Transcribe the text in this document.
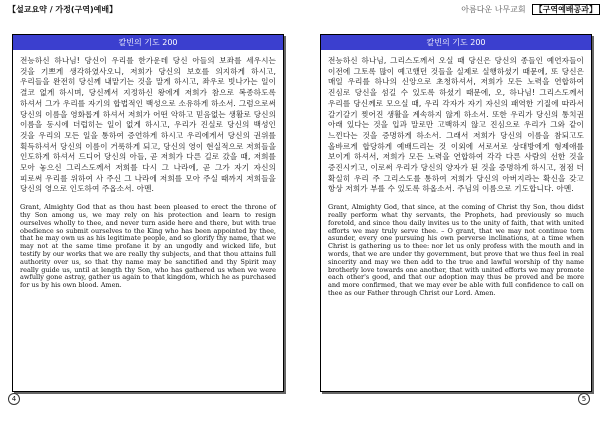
【설교요약 / 가정(구역)예배】
칼빈의 기도 200
전능하신 하나님! 당신이 우리를 한가운데 당신 아들의 보좌를 세우시는 것을 기쁘게 생각하였사오니, 저희가 당신의 보호를 의지하게 하시고, 우리들을 완전히 당신께 내맡기는 것을 말게 하시고, 좌우로 빗나가는 일이 결코 없게 하시며, 당신께서 지정하신 왕에게 저희가 참으로 복종하도록 하셔서 그가 우리를 자기의 합법적인 백성으로 소유하게 하소서. 그럼으로써 당신의 이름을 영화롭게 하셔서 저희가 어떤 악하고 믿음없는 생활로 당신의 이름을 동시에 더럽히는 일이 없게 하시고, 우리가 진실로 당신의 백성인 것을 우리의 모든 일을 통하여 증언하게 하시고 우리에게서 당신의 권위를 획득하셔서 당신의 이름이 거룩하게 되고, 당신의 영이 현실적으로 저희들을 인도하게 하셔서 드디어 당신의 아들, 곧 저희가 다른 길로 갔을 때, 저희를 모아 놓으신 그리스도께서 저희를 다시 그 나라에, 곧 그가 자기 자신의 피로써 우리를 위하여 사 주신 그 나라에 저희를 모아 주실 때까지 저희들을 당신의 영으로 인도하여 주옵소서. 아멘.
Grant, Almighty God that as thou hast been pleased to erect the throne of thy Son among us, we may rely on his protection and learn to resign ourselves wholly to thee, and never turn aside here and there, but with true obedience so submit ourselves to the King who has been appointed by thee, that he may own us as his legitimate people, and so glorify thy name, that we may not at the same time profane it by an ungodly and wicked life, but testify by our works that we are really thy subjects, and that thou attains full authority over us, so that thy name may be sanctified and thy Spirit may really guide us, until at length thy Son, who has gathered us when we were awfully gone astray, gather us again to that kingdom, which he as purchased for us by his own blood. Amen.
4
아름다운 나무교회	【구역예배공과】
칼빈의 기도 200
전능하신 하나님, 그리스도께서 오실 때 당신은 당신의 종들인 예언자들이 이전에 그토록 많이 예고했던 것들을 실제로 실행하셨기 때문에, 또 당신은 매일 우리를 하나의 신앙으로 초청하셔서, 저희가 모든 노력을 연합하여 진심로 당신을 섬길 수 있도록 하셨기 때문에, 오, 하나님! 그리스도께서 우리를 당신께로 모으실 때, 우리 각자가 자기 자신의 패역한 기질에 따라서 갈기갈기 찢어진 생활을 계속하지 않게 하소서. 또한 우리가 당신의 통치권 아래 있다는 것을 입과 말로만 고백하지 않고 진심으로 우리가 그와 같이 느낀다는 것을 증명하게 하소서. 그래서 저희가 당신의 이름을 참되고도 올바르게 합당하게 예배드리는 것 이외에 서로서로 상대방에게 형제애를 보이게 하셔서, 저희가 모든 노력을 연합하여 각각 다른 사람의 선한 것을 증진시키고, 이로써 우리가 당신의 양자가 된 것을 증명하게 하시고, 점점 더 확실히 우리 주 그리스도를 통하여 저희가 당신의 아버지라는 확신을 갖고 항상 저희가 부를 수 있도록 하옵소서. 주님의 이름으로 기도합니다. 아멘.
Grant, Almighty God, that since, at the coming of Christ thy Son, thou didst really perform what thy servants, the Prophets, had previously so much foretold, and since thou daily invites us to the unity of faith, that with united efforts we may truly serve thee. – O grant, that we may not continue torn asunder, every one pursuing his own perverse inclinations, at a time when Christ is gathering us to thee: nor let us only profess with the mouth and in words, that we are under thy government, but prove that we thus feel in real sincerity and may we then add to the true and lawful worship of thy name brotherly love towards one another, that with united efforts we may promote each other's good, and that our adoption may thus be proved and be more and more confirmed, that we may ever be able with full confidence to call on thee as our Father through Christ our Lord. Amen.
5
